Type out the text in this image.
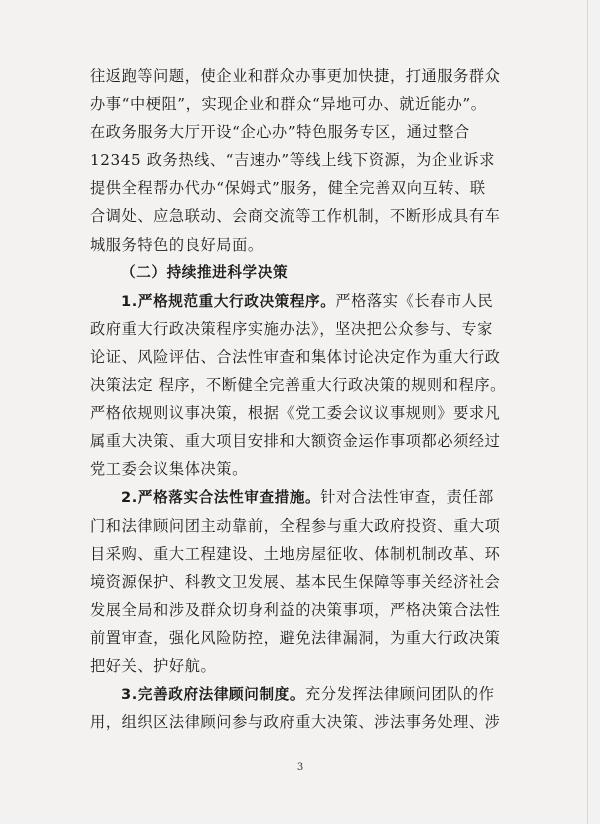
往返跑等问题，使企业和群众办事更加快捷，打通服务群众
办事“中梗阻”，实现企业和群众“异地可办、就近能办”。
在政务服务大厅开设“企心办”特色服务专区，通过整合
12345 政务热线、“吉速办”等线上线下资源，为企业诉求
提供全程帮办代办“保姆式”服务，健全完善双向互转、联
合调处、应急联动、会商交流等工作机制，不断形成具有车
城服务特色的良好局面。
（二）持续推进科学决策
1.严格规范重大行政决策程序。严格落实《长春市人民
政府重大行政决策程序实施办法》，坚决把公众参与、专家
论证、风险评估、合法性审查和集体讨论决定作为重大行政
决策法定 程序，不断健全完善重大行政决策的规则和程序。
严格依规则议事决策，根据《党工委会议议事规则》要求凡
属重大决策、重大项目安排和大额资金运作事项都必须经过
党工委会议集体决策。
2.严格落实合法性审查措施。针对合法性审查，责任部
门和法律顾问团主动靠前，全程参与重大政府投资、重大项
目采购、重大工程建设、土地房屋征收、体制机制改革、环
境资源保护、科教文卫发展、基本民生保障等事关经济社会
发展全局和涉及群众切身利益的决策事项，严格决策合法性
前置审查，强化风险防控，避免法律漏洞，为重大行政决策
把好关、护好航。
3.完善政府法律顾问制度。充分发挥法律顾问团队的作
用，组织区法律顾问参与政府重大决策、涉法事务处理、涉
3
